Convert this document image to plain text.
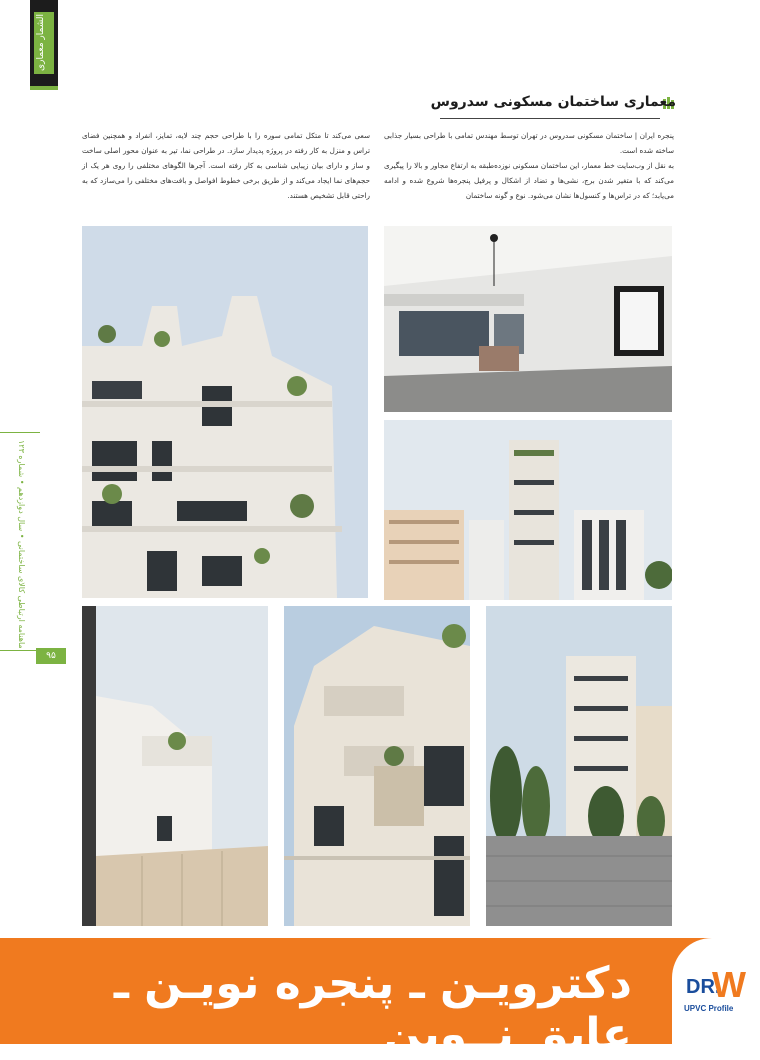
الشمار معماری
ماهنامه ارتباطی کالای ساختمانی • سال دوازدهم • شماره ۱۲۳
۹۵
معماری ساختمان مسکونی سدروس

پنجره ایران | ساختمان مسکونی سدروس در تهران توسط مهندس تمامی با طراحی بسیار جذابی ساخته شده است.

به نقل از وب‌سایت خط معمار، این ساختمان مسکونی نوزده‌طبقه به ارتفاع مجاور و بالا را پیگیری می‌کند که با متغیر شدن برج، نشی‌ها و تضاد از اشکال و پرفیل پنجره‌ها شروع شده و ادامه می‌یابد؛ که در تراس‌ها و کنسول‌ها نشان می‌شود. نوع و گونه ساختمان

سعی می‌کند تا متکل تمامی سوره را با طراحی حجم چند لایه، تمایز، انفراد و همچنین فضای تراس و منزل به کار رفته در پروژه پدیدار سازد. در طراحی نما، تیر به عنوان محور اصلی ساخت و ساز و دارای بیان زیبایی شناسی به کار رفته است. آجرها الگوهای مختلفی را روی هر یک از حجم‌های نما ایجاد می‌کند و از طریق برخی خطوط افواصل و بافت‌های مختلفی را می‌سازد که به راحتی قابل تشخیص هستند.

دکترویـن ـ پنجره نویـن ـ عایق نــوین
DR.
W
UPVC Profile
